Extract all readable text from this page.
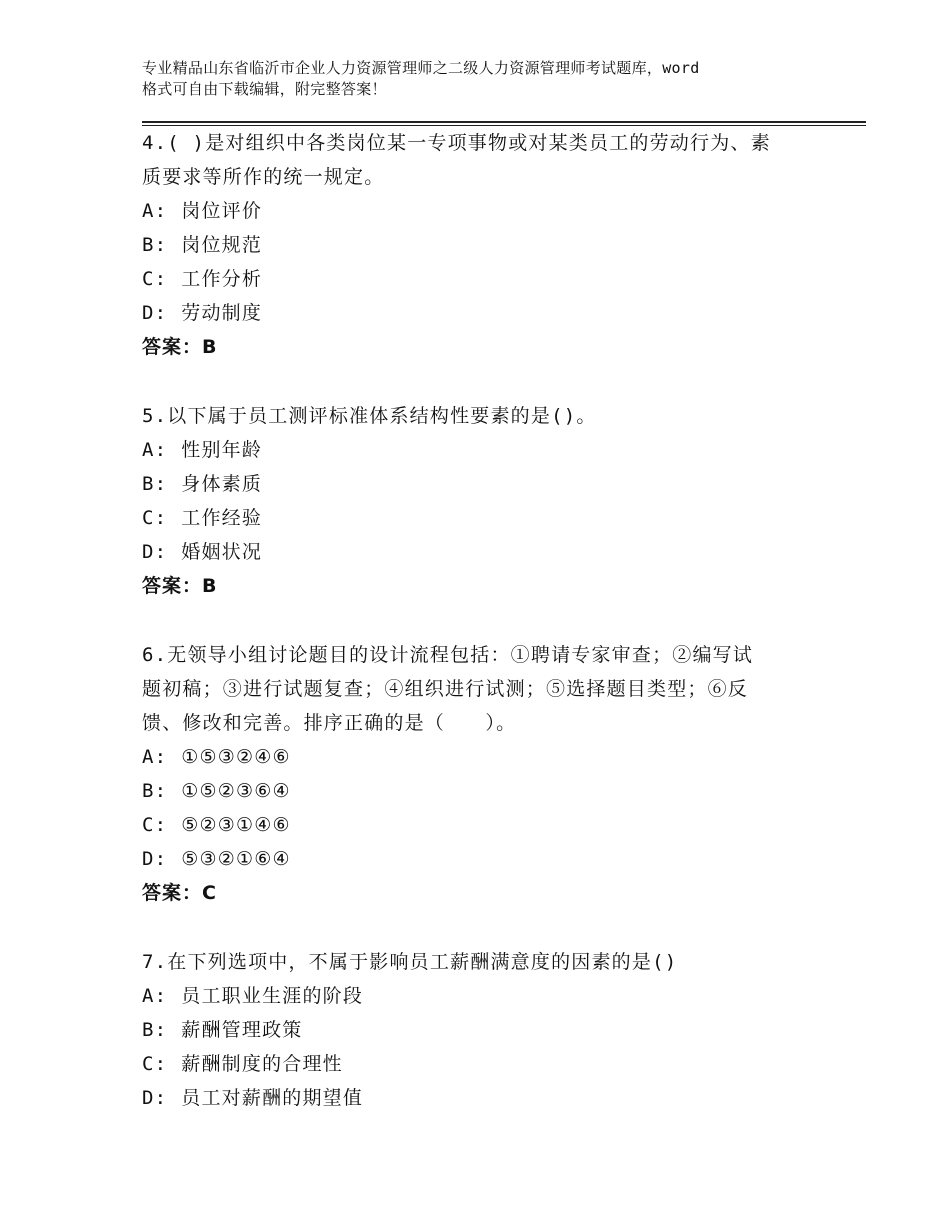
专业精品山东省临沂市企业人力资源管理师之二级人力资源管理师考试题库，word
格式可自由下载编辑，附完整答案！

4.( )是对组织中各类岗位某一专项事物或对某类员工的劳动行为、素

质要求等所作的统一规定。

A: 岗位评价

B: 岗位规范

C: 工作分析

D: 劳动制度

答案：B

5.以下属于员工测评标准体系结构性要素的是()。

A: 性别年龄

B: 身体素质

C: 工作经验

D: 婚姻状况

答案：B

6.无领导小组讨论题目的设计流程包括：①聘请专家审查；②编写试

题初稿；③进行试题复查；④组织进行试测；⑤选择题目类型；⑥反

馈、修改和完善。排序正确的是（　　）。

A: ①⑤③②④⑥

B: ①⑤②③⑥④

C: ⑤②③①④⑥

D: ⑤③②①⑥④

答案：C

7.在下列选项中，不属于影响员工薪酬满意度的因素的是()

A: 员工职业生涯的阶段

B: 薪酬管理政策

C: 薪酬制度的合理性

D: 员工对薪酬的期望值
